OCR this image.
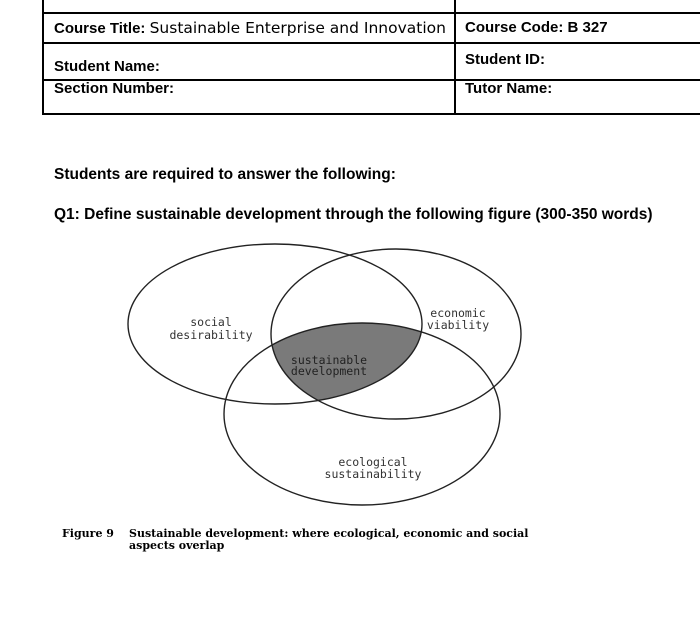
Course Title: Sustainable Enterprise and Innovation Course Code: B 327
Student Name:	Student ID:
Section Number:	Tutor Name:
Students are required to answer the following:
Q1: Define sustainable development through the following figure (300-350 words)
social
desirability
economic
viability
ecological
sustainability
sustainable
development
Figure 9	Sustainable development: where ecological, economic and social aspects overlap
